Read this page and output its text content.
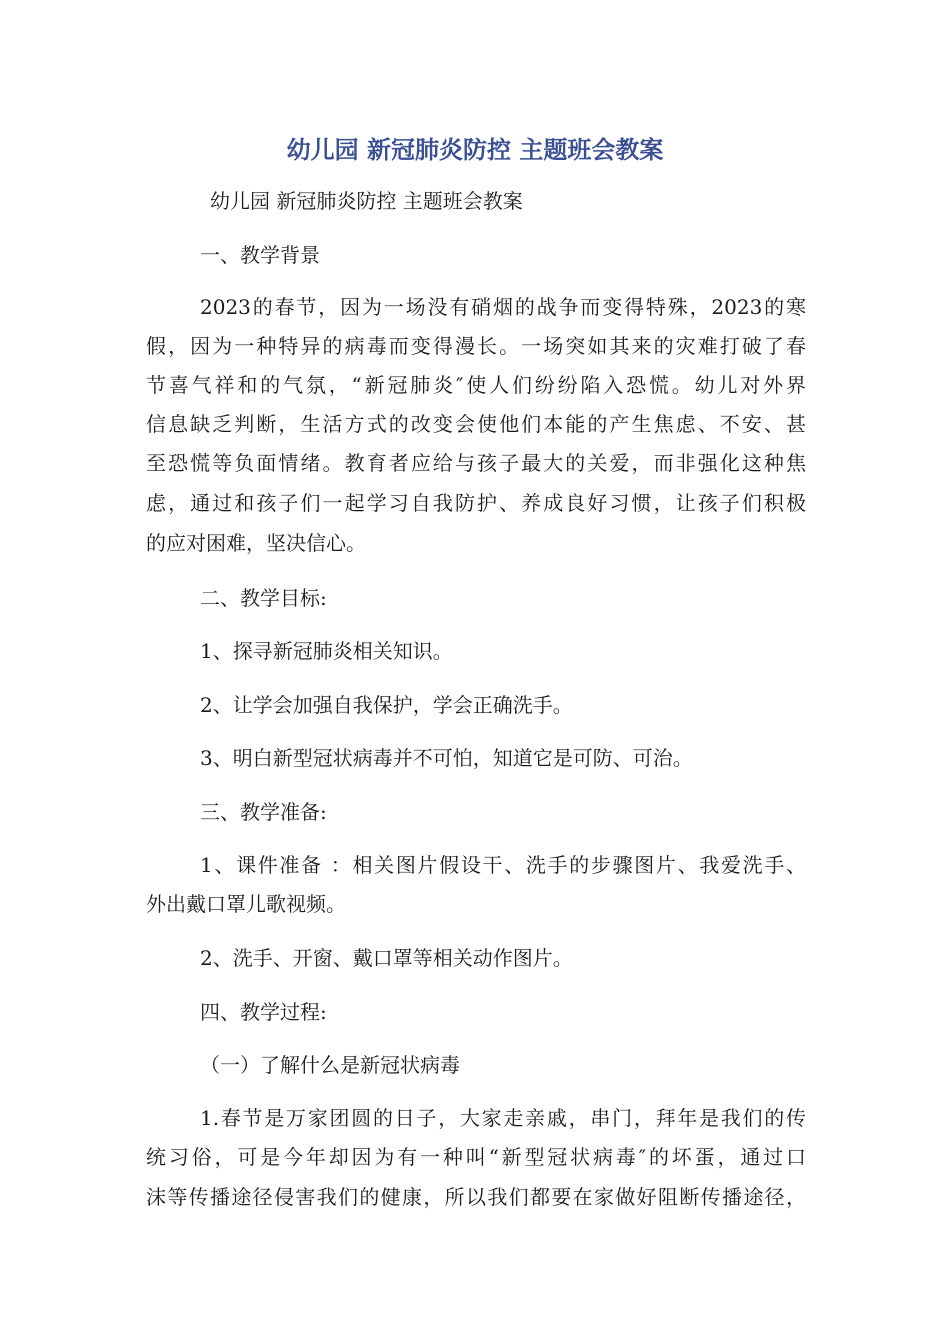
幼儿园 新冠肺炎防控 主题班会教案

幼儿园 新冠肺炎防控 主题班会教案

一、教学背景

2023的春节，因为一场没有硝烟的战争而变得特殊，2023的寒

假，因为一种特异的病毒而变得漫长。一场突如其来的灾难打破了春

节喜气祥和的气氛，“新冠肺炎″使人们纷纷陷入恐慌。幼儿对外界

信息缺乏判断，生活方式的改变会使他们本能的产生焦虑、不安、甚

至恐慌等负面情绪。教育者应给与孩子最大的关爱，而非强化这种焦

虑，通过和孩子们一起学习自我防护、养成良好习惯，让孩子们积极

的应对困难，坚决信心。

二、教学目标:

1、探寻新冠肺炎相关知识。

2、让学会加强自我保护，学会正确洗手。

3、明白新型冠状病毒并不可怕，知道它是可防、可治。

三、教学准备:

1、课件准备 ：相关图片假设干、洗手的步骤图片、我爱洗手、

外出戴口罩儿歌视频。

2、洗手、开窗、戴口罩等相关动作图片。

四、教学过程:

（一）了解什么是新冠状病毒

1.春节是万家团圆的日子，大家走亲戚，串门，拜年是我们的传

统习俗，可是今年却因为有一种叫“新型冠状病毒″的坏蛋，通过口

沫等传播途径侵害我们的健康，所以我们都要在家做好阻断传播途径，
